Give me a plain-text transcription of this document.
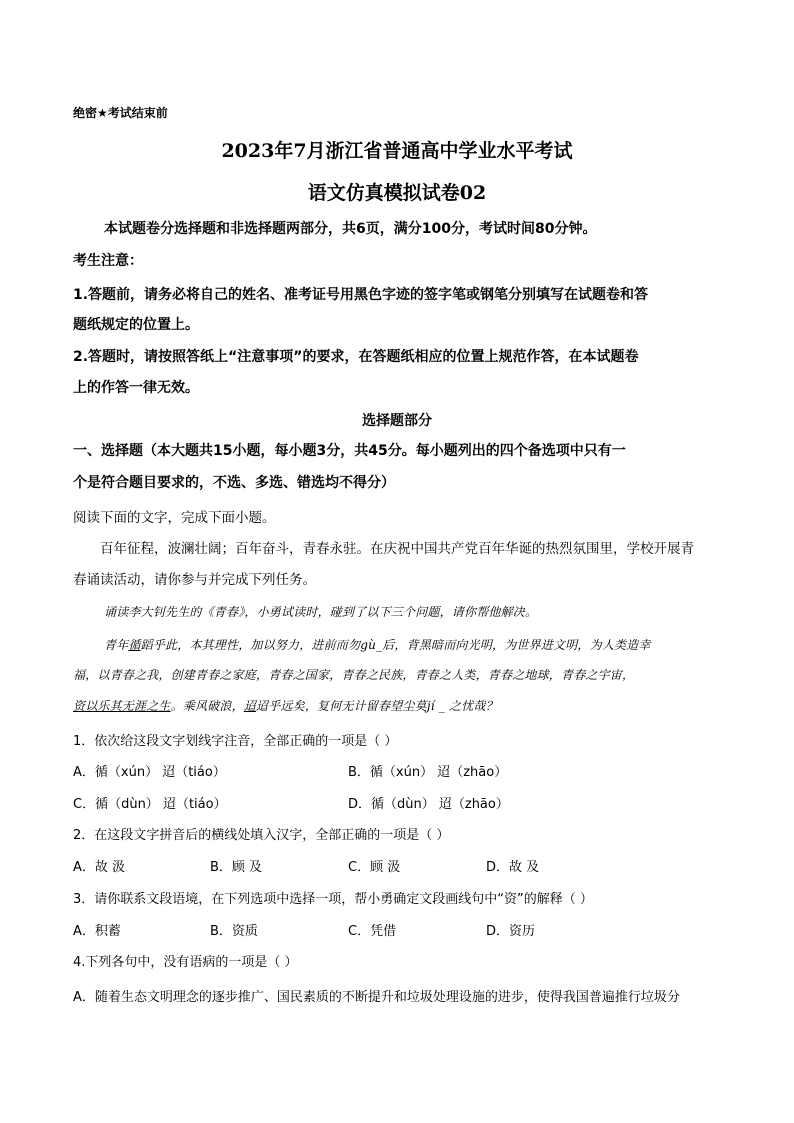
绝密★考试结束前
2023年7月浙江省普通高中学业水平考试
语文仿真模拟试卷02
本试题卷分选择题和非选择题两部分，共6页，满分100分，考试时间80分钟。
考生注意：
1.答题前，请务必将自己的姓名、准考证号用黑色字迹的签字笔或钢笔分别填写在试题卷和答
题纸规定的位置上。
2.答题时，请按照答纸上“注意事项”的要求，在答题纸相应的位置上规范作答，在本试题卷
上的作答一律无效。
选择题部分
一、选择题（本大题共15小题，每小题3分，共45分。每小题列出的四个备选项中只有一
个是符合题目要求的，不选、多选、错选均不得分）
阅读下面的文字，完成下面小题。
百年征程，波澜壮阔；百年奋斗，青春永驻。在庆祝中国共产党百年华诞的热烈氛围里，学校开展青
春诵读活动，请你参与并完成下列任务。
诵读李大钊先生的《青春》，小勇试读时，碰到了以下三个问题，请你帮他解决。
青年循蹈乎此，本其理性，加以努力，进前而勿gù_后，背黑暗而向光明，为世界进文明，为人类造幸
福，以青春之我，创建青春之家庭，青春之国家，青春之民族，青春之人类，青春之地球，青春之宇宙，
资以乐其无涯之生。乘风破浪，迢迢乎远矣，复何无计留春望尘莫jí _ 之忧哉？
1．依次给这段文字划线字注音，全部正确的一项是（ ）
A．循（xún） 迢（tiáo）	B．循（xún） 迢（zhāo）
C．循（dùn） 迢（tiáo）	D．循（dùn） 迢（zhāo）
2．在这段文字拼音后的横线处填入汉字，全部正确的一项是（ ）
A．故 汲	B．顾 及	C．顾 汲	D．故 及
3．请你联系文段语境，在下列选项中选择一项，帮小勇确定文段画线句中“资”的解释（ ）
A．积蓄	B．资质	C．凭借	D．资历
4.下列各句中，没有语病的一项是（ ）
A．随着生态文明理念的逐步推广、国民素质的不断提升和垃圾处理设施的进步，使得我国普遍推行垃圾分
